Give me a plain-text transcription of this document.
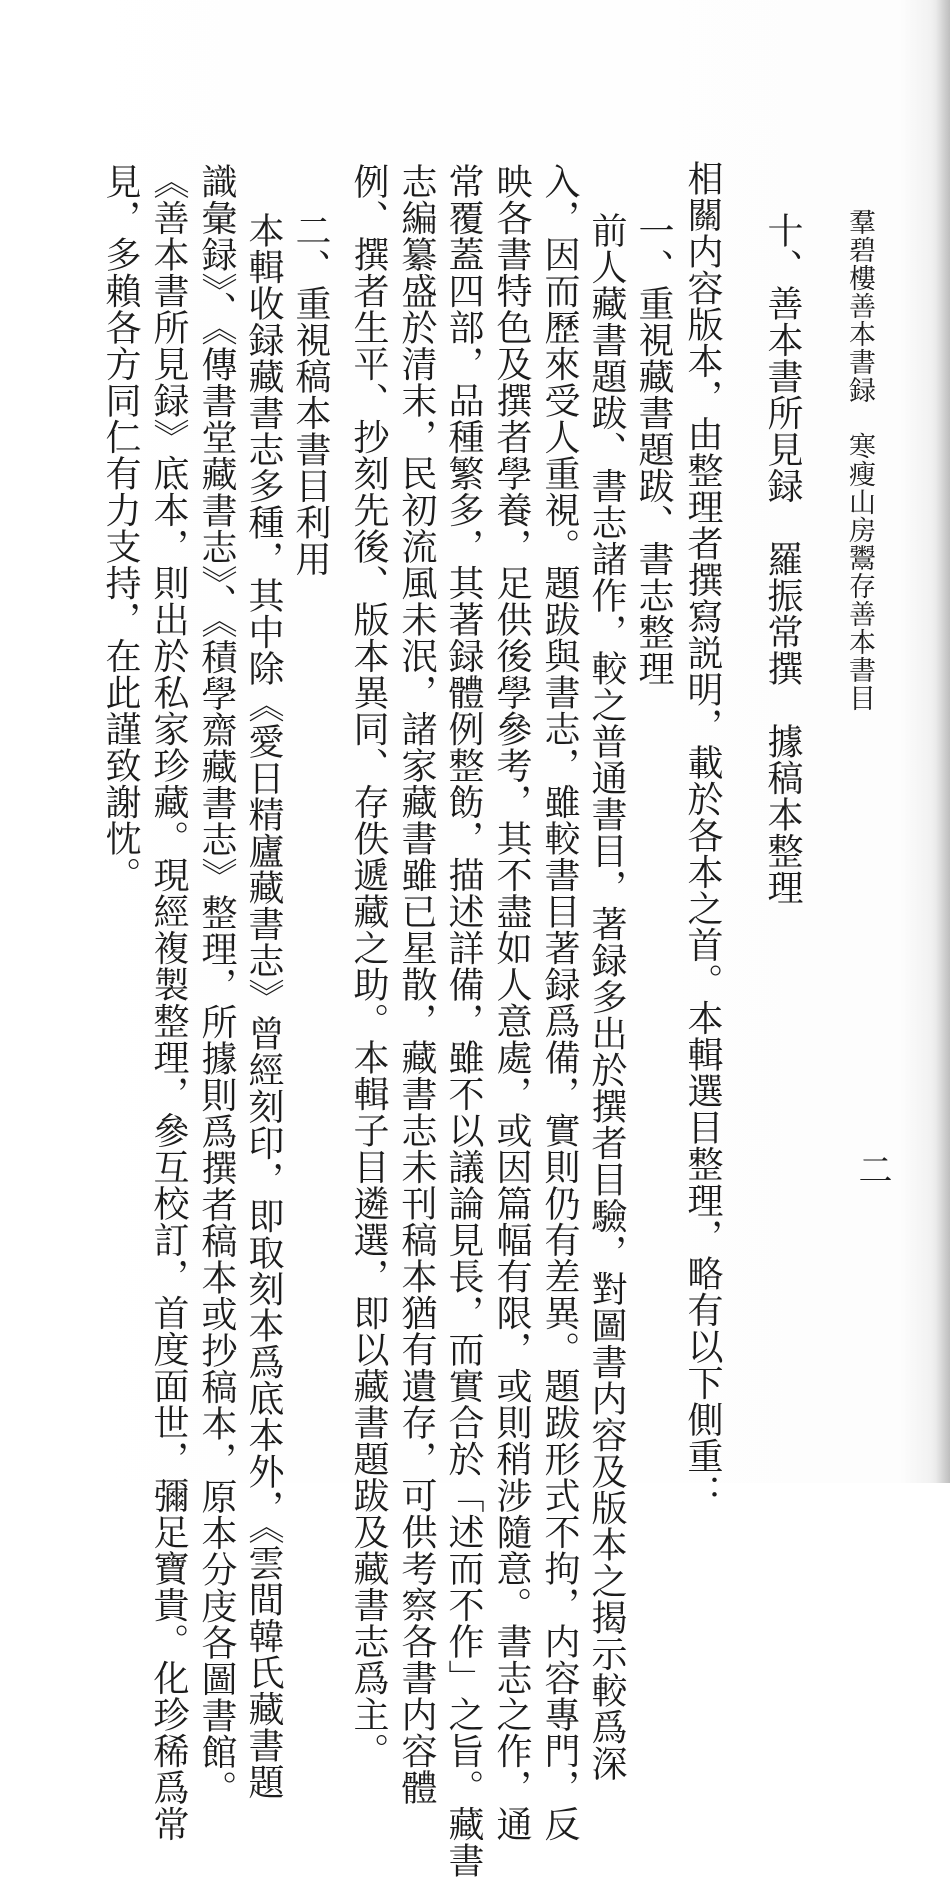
羣碧樓善本書録　寒瘦山房鬻存善本書目
二
十、善本書所見録　羅振常撰　據稿本整理
相關内容版本，由整理者撰寫説明，載於各本之首。本輯選目整理，略有以下側重：
一、重視藏書題跋、書志整理
前人藏書題跋、書志諸作，較之普通書目，著録多出於撰者目驗，對圖書内容及版本之揭示較爲深
入，因而歷來受人重視。題跋與書志，雖較書目著録爲備，實則仍有差異。題跋形式不拘，内容專門，反
映各書特色及撰者學養，足供後學參考，其不盡如人意處，或因篇幅有限，或則稍涉隨意。書志之作，通
常覆蓋四部，品種繁多，其著録體例整飭，描述詳備，雖不以議論見長，而實合於「述而不作」之旨。藏書
志編纂盛於清末，民初流風未泯，諸家藏書雖已星散，藏書志未刊稿本猶有遺存，可供考察各書内容體
例、撰者生平、抄刻先後、版本異同、存佚遞藏之助。本輯子目遴選，即以藏書題跋及藏書志爲主。
二、重視稿本書目利用
本輯收録藏書志多種，其中除《愛日精廬藏書志》曾經刻印，即取刻本爲底本外，《雲間韓氏藏書題
識彙録》、《傳書堂藏書志》、《積學齋藏書志》整理，所據則爲撰者稿本或抄稿本，原本分庋各圖書館。
《善本書所見録》底本，則出於私家珍藏。現經複製整理，參互校訂，首度面世，彌足寶貴。化珍稀爲常
見，多賴各方同仁有力支持，在此謹致謝忱。
